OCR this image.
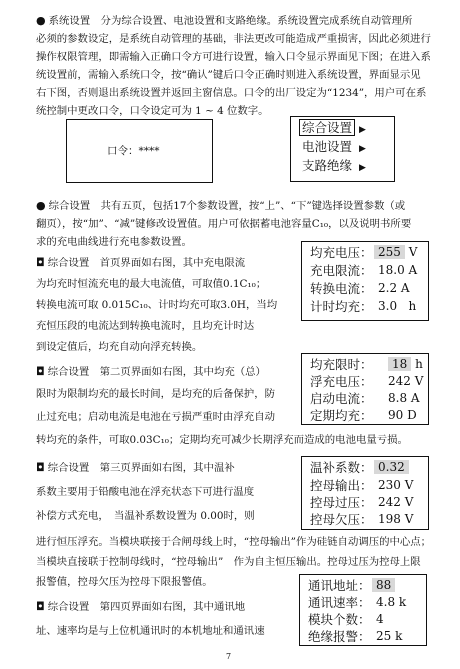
● 系统设置　分为综合设置、电池设置和支路绝缘。系统设置完成系统自动管理所
必须的参数设定，是系统自动管理的基础，非法更改可能造成严重损害，因此必须进行
操作权限管理，即需输入正确口令方可进行设置，输入口令显示界面见下图；在进入系
统设置前，需输入系统口令，按“确认”键后口令正确时则进入系统设置，界面显示见
右下图，否则退出系统设置并返回主窗信息。口令的出厂设定为“1234”，用户可在系
统控制中更改口令，口令设定可为 1 ~ 4 位数字。
口令：****
综合设置 ▶
电池设置 ▶
支路绝缘 ▶
● 综合设置　共有五页，包括17个参数设置，按“上”、“下”键选择设置参数（或
翻页），按“加”、“减”键修改设置值。用户可依据蓄电池容量C₁₀，以及说明书所要
求的充电曲线进行充电参数设置。
◘ 综合设置　首页界面如右图，其中充电限流
为均充时恒流充电的最大电流值，可取值0.1C₁₀；
转换电流可取 0.015C₁₀、计时均充可取3.0H，当均
充恒压段的电流达到转换电流时，且均充计时达
到设定值后，均充自动向浮充转换。
均充电压： 255 V
充电限流： 18.0 A
转换电流： 2.2 A
计时均充： 3.0 h
◘ 综合设置　第二页界面如右图，其中均充（总）
限时为限制均充的最长时间，是均充的后备保护，防
止过充电；启动电流是电池在亏损严重时由浮充自动
转均充的条件，可取0.03C₁₀；定期均充可减少长期浮充而造成的电池电量亏损。
均充限时：	18 h
浮充电压： 242 V
启动电流： 8.8 A
定期均充： 90 D
◘ 综合设置　第三页界面如右图，其中温补
系数主要用于铅酸电池在浮充状态下可进行温度
补偿方式充电，　当温补系数设置为 0.00时，则
温补系数： 0.32
控母输出： 230 V
控母过压： 242 V
控母欠压： 198 V
进行恒压浮充。当模块联接于合闸母线上时，“控母输出”作为硅链自动调压的中心点；
当模块直接联于控制母线时，“控母输出”　作为自主恒压输出。控母过压为控母上限
报警值，控母欠压为控母下限报警值。
◘ 综合设置　第四页界面如右图，其中通讯地
址、速率均是与上位机通讯时的本机地址和通讯速
通讯地址： 88
通讯速率： 4.8 k
模块个数： 4
绝缘报警： 25 k
7
